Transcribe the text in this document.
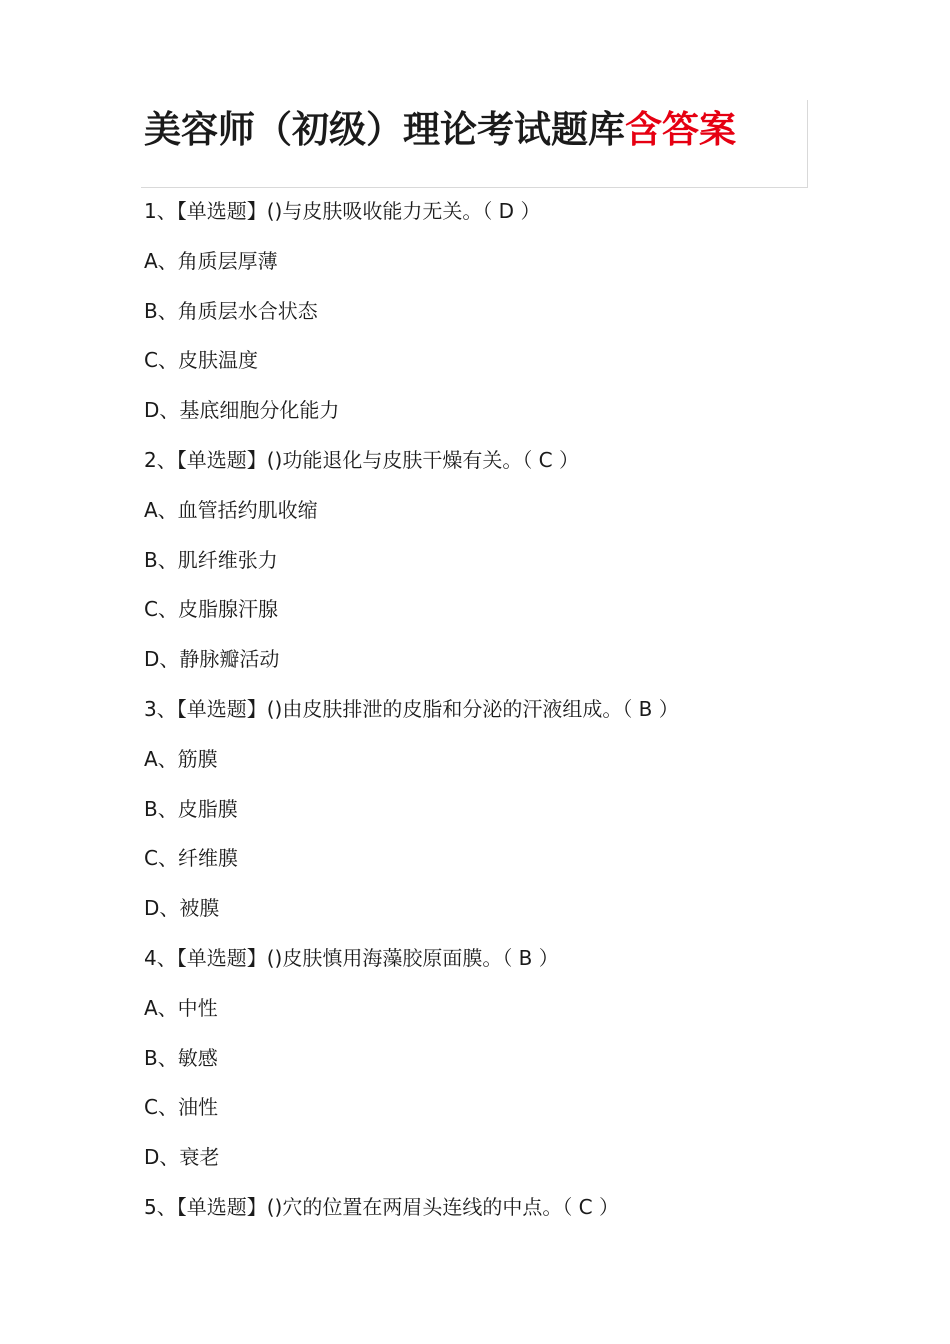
美容师（初级）理论考试题库含答案
1、【单选题】()与皮肤吸收能力无关。（ D ）
A、角质层厚薄
B、角质层水合状态
C、皮肤温度
D、基底细胞分化能力
2、【单选题】()功能退化与皮肤干燥有关。（ C ）
A、血管括约肌收缩
B、肌纤维张力
C、皮脂腺汗腺
D、静脉瓣活动
3、【单选题】()由皮肤排泄的皮脂和分泌的汗液组成。（ B ）
A、筋膜
B、皮脂膜
C、纤维膜
D、被膜
4、【单选题】()皮肤慎用海藻胶原面膜。（ B ）
A、中性
B、敏感
C、油性
D、衰老
5、【单选题】()穴的位置在两眉头连线的中点。（ C ）
